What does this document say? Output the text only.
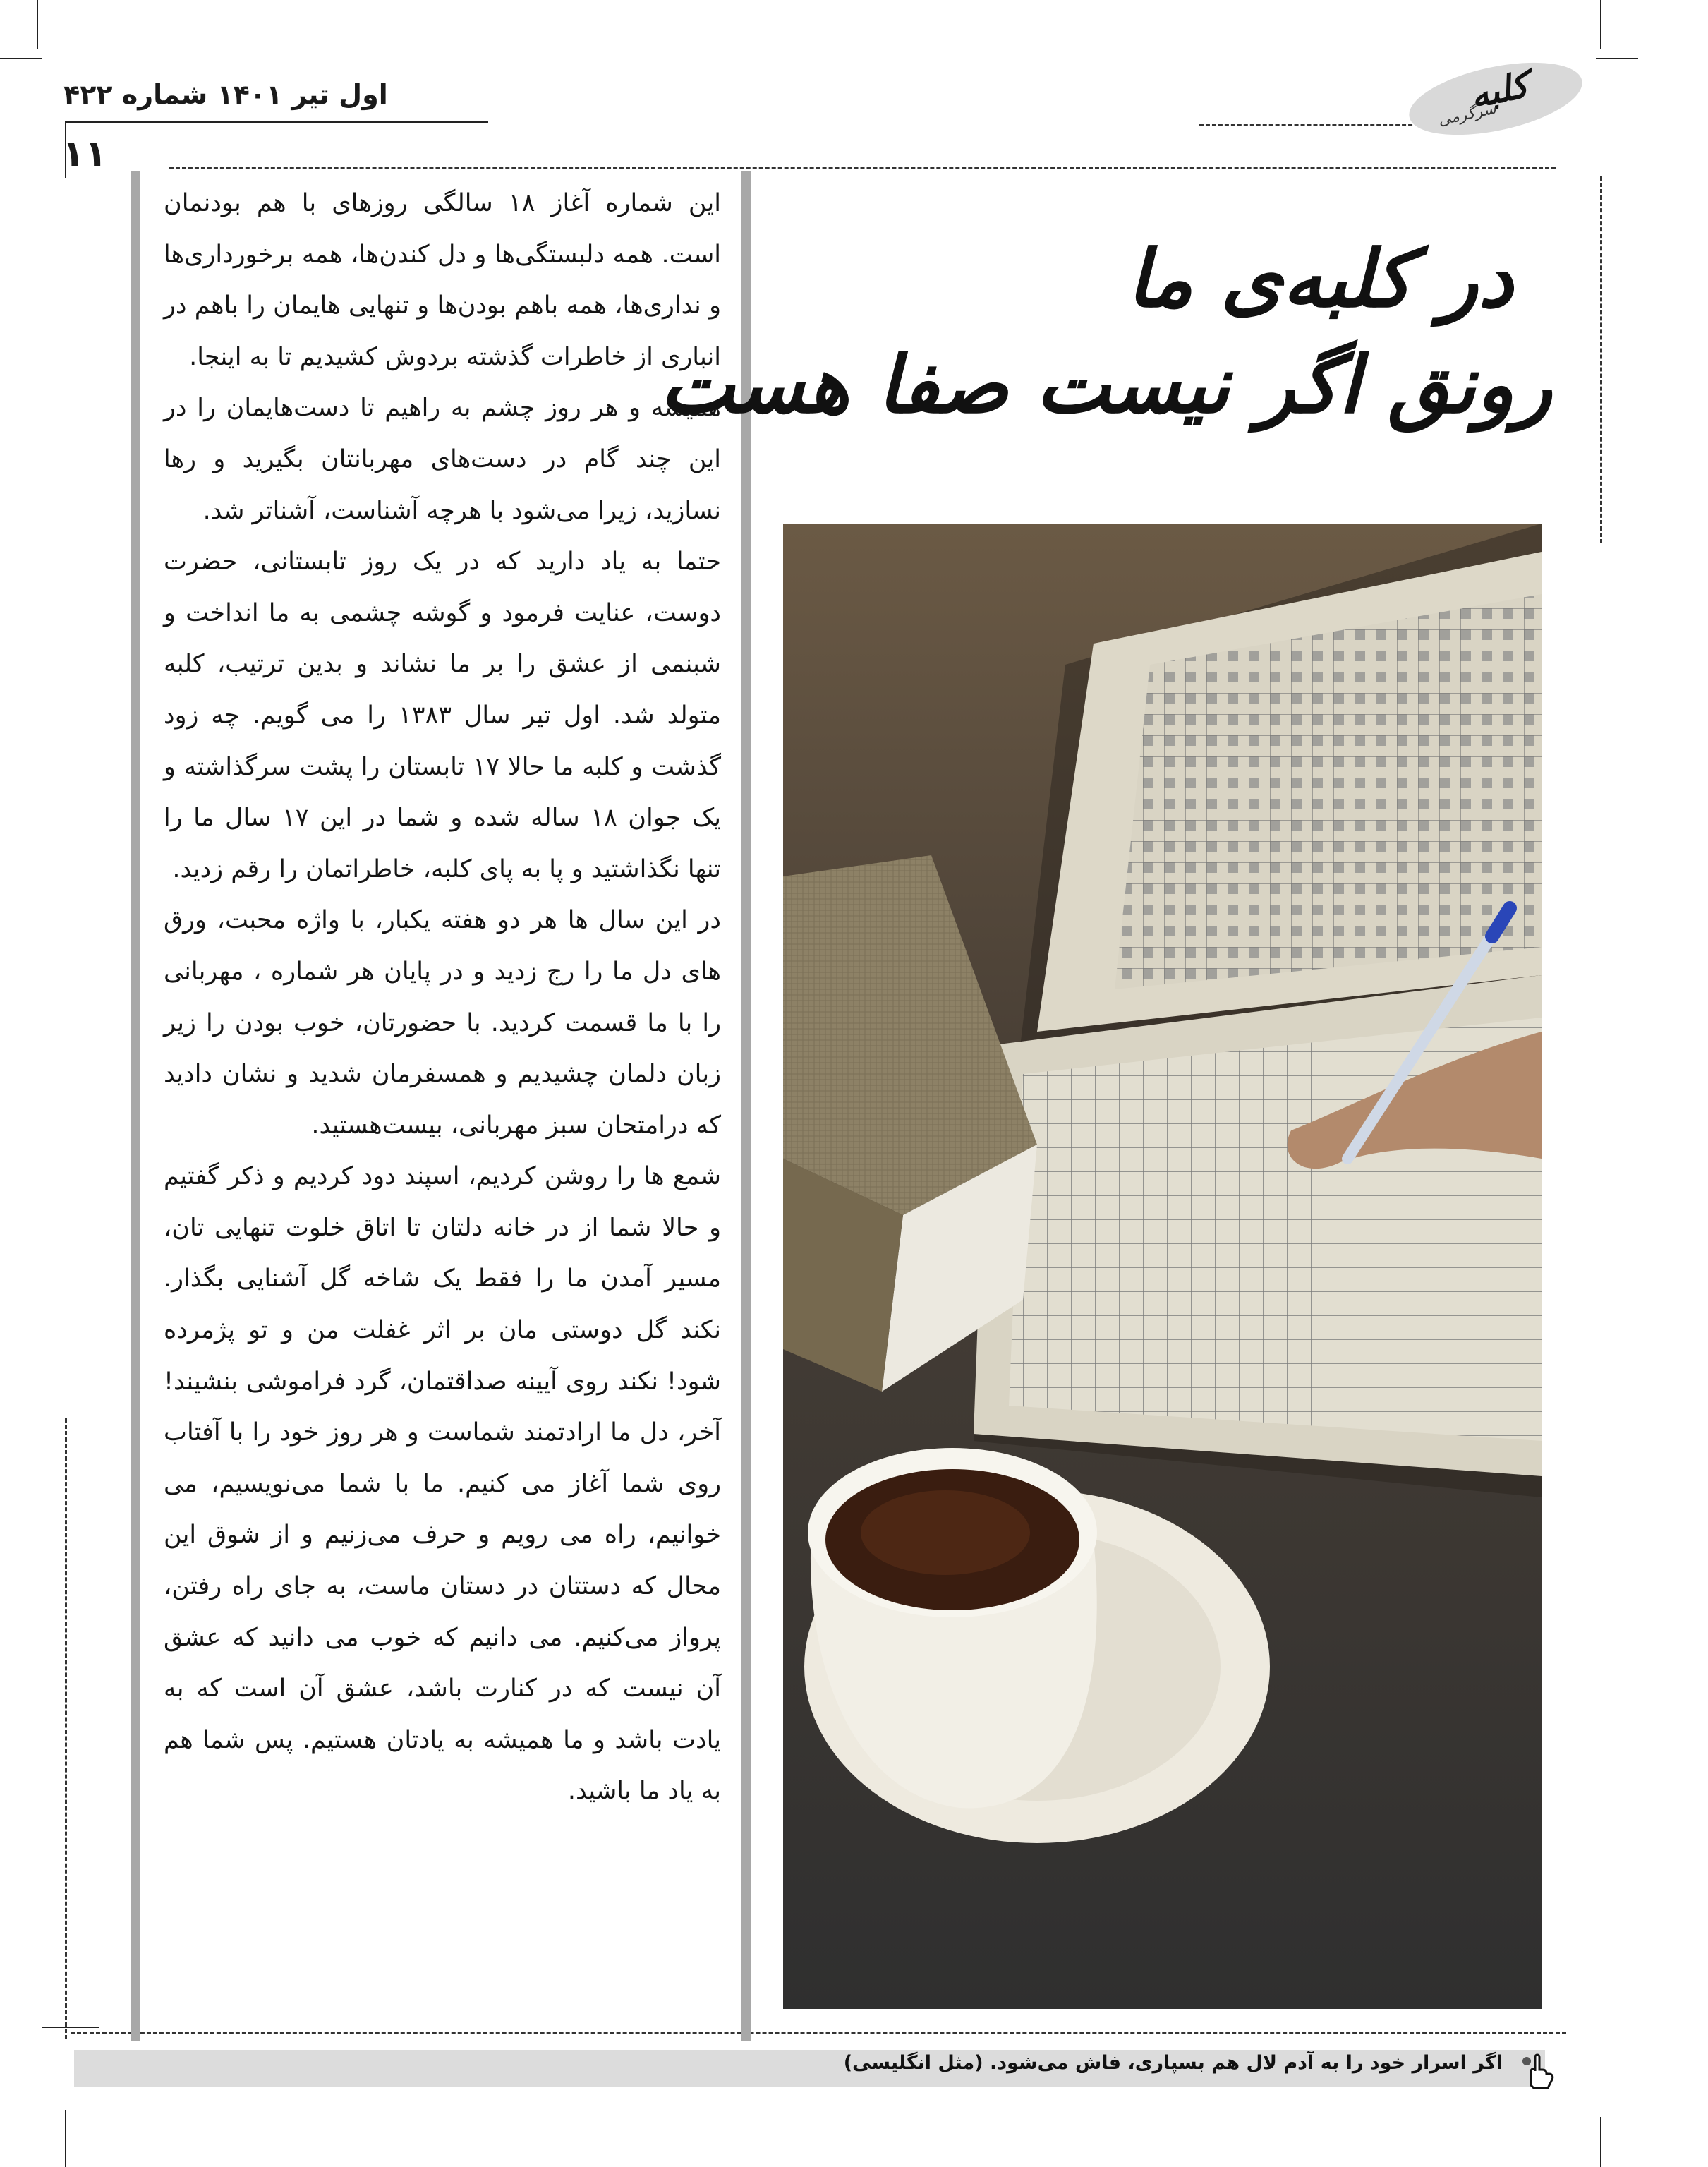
اول تیر ۱۴۰۱ شماره ۴۲۲
۱۱
کلبه
سرگرمی

این شماره آغاز ۱۸ سالگی روزهای با هم بودنمان است. همه دلبستگی‌ها و دل کندن‌ها، همه برخورداری‌ها و نداری‌ها، همه باهم بودن‌ها و تنهایی هایمان را باهم در انباری از خاطرات گذشته بردوش کشیدیم تا به اینجا.

همیشه و هر روز چشم به راهیم تا دست‌هایمان را در این چند گام در دست‌های مهربانتان بگیرید و رها نسازید، زیرا می‌شود با هرچه آشناست، آشناتر شد.

حتما به یاد دارید که در یک روز تابستانی، حضرت دوست، عنایت فرمود و گوشه چشمی به ما انداخت و شبنمی از عشق را بر ما نشاند و بدین ترتیب، کلبه متولد شد. اول تیر سال ۱۳۸۳ را می گویم. چه زود گذشت و کلبه ما حالا ۱۷ تابستان را پشت سرگذاشته و یک جوان ۱۸ ساله شده و شما در این ۱۷ سال ما را تنها نگذاشتید و پا به پای کلبه، خاطراتمان را رقم زدید.

در این سال ها هر دو هفته یکبار، با واژه محبت، ورق های دل ما را رج زدید و در پایان هر شماره ، مهربانی را با ما قسمت کردید. با حضورتان، خوب بودن را زیر زبان دلمان چشیدیم و همسفرمان شدید و نشان دادید که درامتحان سبز مهربانی، بیست‌هستید.

شمع ها را روشن کردیم، اسپند دود کردیم و ذکر گفتیم و حالا شما از در خانه دلتان تا اتاق خلوت تنهایی تان، مسیر آمدن ما را فقط یک شاخه گل آشنایی بگذار. نکند گل دوستی مان بر اثر غفلت من و تو پژمرده شود! نکند روی آیینه صداقتمان، گرد فراموشی بنشیند! آخر، دل ما ارادتمند شماست و هر روز خود را با آفتاب روی شما آغاز می کنیم. ما با شما می‌نویسیم، می خوانیم، راه می رویم و حرف می‌زنیم و از شوق این محال که دستتان در دستان ماست، به جای راه رفتن، پرواز می‌کنیم. می دانیم که خوب می دانید که عشق آن نیست که در کنارت باشد، عشق آن است که به یادت باشد و ما همیشه به یادتان هستیم. پس شما هم به یاد ما باشید.

در کلبه‌ی ما
رونق اگر نیست صفا هست
اگر اسرار خود را به آدم لال هم بسپاری، فاش می‌شود. (مثل انگلیسی)
